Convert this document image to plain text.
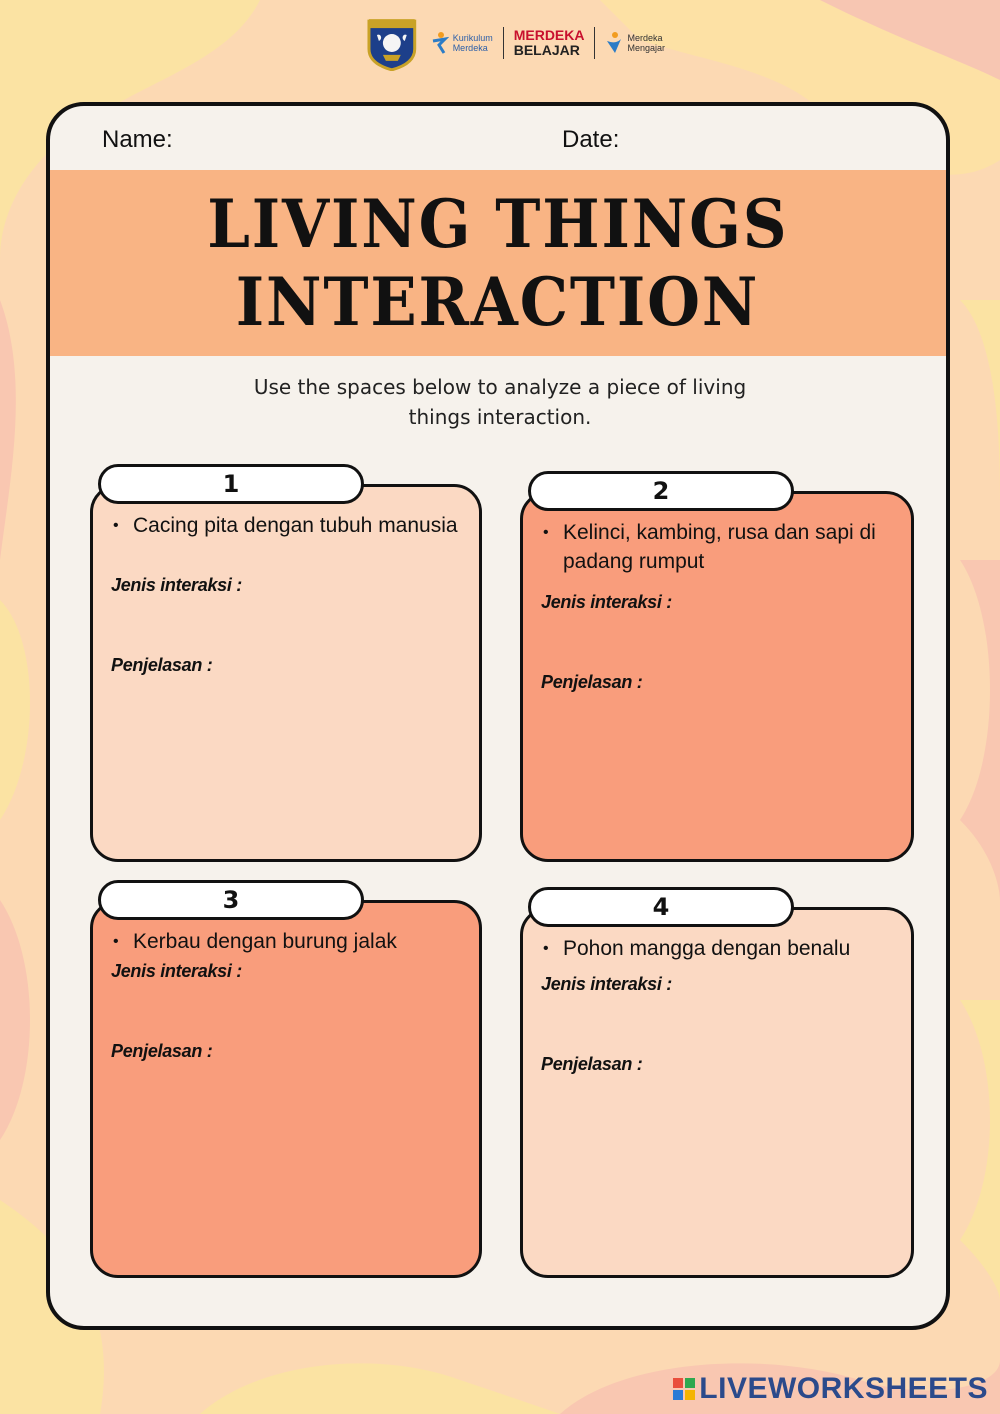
Kurikulum
Merdeka
MERDEKA
BELAJAR
Merdeka
Mengajar
Name:	Date:
LIVING THINGS
INTERACTION
Use the spaces below to analyze a piece of living
things interaction.
• Cacing pita dengan tubuh manusia
Jenis interaksi :
Penjelasan :
1
• Kelinci, kambing, rusa dan sapi di padang rumput
Jenis interaksi :
Penjelasan :
2
• Kerbau dengan burung jalak
Jenis interaksi :
Penjelasan :
3
• Pohon mangga dengan benalu
Jenis interaksi :
Penjelasan :
4
LIVEWORKSHEETS
